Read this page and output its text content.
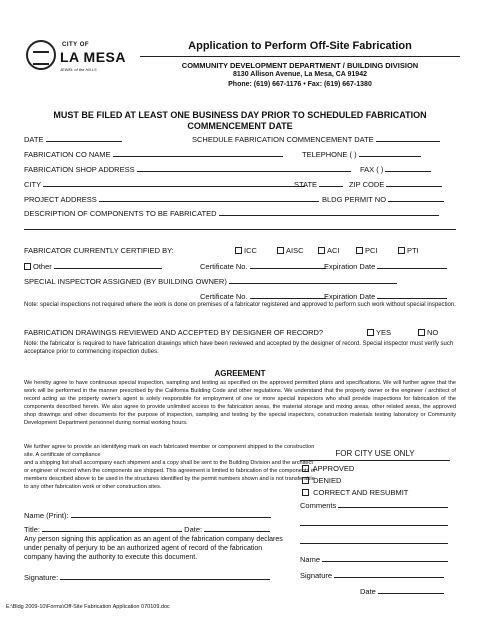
CITY OF
LA MESA
JEWEL of the HILLS
Application to Perform Off-Site Fabrication
COMMUNITY DEVELOPMENT DEPARTMENT / BUILDING DIVISION
8130 Allison Avenue, La Mesa, CA 91942
Phone: (619) 667-1176 • Fax: (619) 667-1380
MUST BE FILED AT LEAST ONE BUSINESS DAY PRIOR TO SCHEDULED FABRICATION COMMENCEMENT DATE
DATE	SCHEDULE FABRICATION COMMENCEMENT DATE
FABRICATION CO NAME	TELEPHONE ( )
FABRICATION SHOP ADDRESS	FAX ( )
CITY	STATE	ZIP CODE
PROJECT ADDRESS	BLDG PERMIT NO
DESCRIPTION OF COMPONENTS TO BE FABRICATED
FABRICATOR CURRENTLY CERTIFIED BY:	ICC	AISC	ACI	PCI	PTI
Other	Certificate No.	Expiration Date
SPECIAL INSPECTOR ASSIGNED (BY BUILDING OWNER)
Certificate No.	Expiration Date
Note: special inspections not required where the work is done on premises of a fabricator registered and approved to perform such work without special inspection.
FABRICATION DRAWINGS REVIEWED AND ACCEPTED BY DESIGNER OF RECORD?	YES	NO
Note: the fabricator is required to have fabrication drawings which have been reviewed and accepted by the designer of record. Special inspector must verify such acceptance prior to commencing inspection duties.
AGREEMENT
We hereby agree to have continuous special inspection, sampling and testing as specified on the approved permitted plans and specifications. We will further agree that the work will be performed in the manner prescribed by the California Building Code and other regulations. We understand that the property owner or the engineer / architect of record acting as the property owner's agent is solely responsible for employment of one or more special inspectors who shall provide inspections for fabrication of the components described herein. We also agree to provide unlimited access to the fabrication areas, the material storage and mixing areas, other related areas, the approved shop drawings and other documents for the purpose of inspection, sampling and testing by the special inspectors, construction materials testing laboratory or Community Development Department personnel during normal working hours.
We further agree to provide an identifying mark on each fabricated member or component shipped to the construction site. A certificate of compliance
and a shipping list shall accompany each shipment and a copy shall be sent to the Building Division and the architect or engineer of record when the components are shipped. This agreement is limited to fabrication of the components or members described above to be used in the structures identified by the permit numbers shown and is not transferable to any other fabrication work or other construction sites.
Name (Print):
Title:	Date:
Any person signing this application as an agent of the fabrication company declares under penalty of perjury to be an authorized agent of record of the fabrication company having the authority to execute this document.
Signature:
FOR CITY USE ONLY
APPROVED
DENIED
CORRECT AND RESUBMIT
Comments
Name
Signature
Date
E:\Bldg 2009-10\Forms\Off-Site Fabrication Application 070109.doc
